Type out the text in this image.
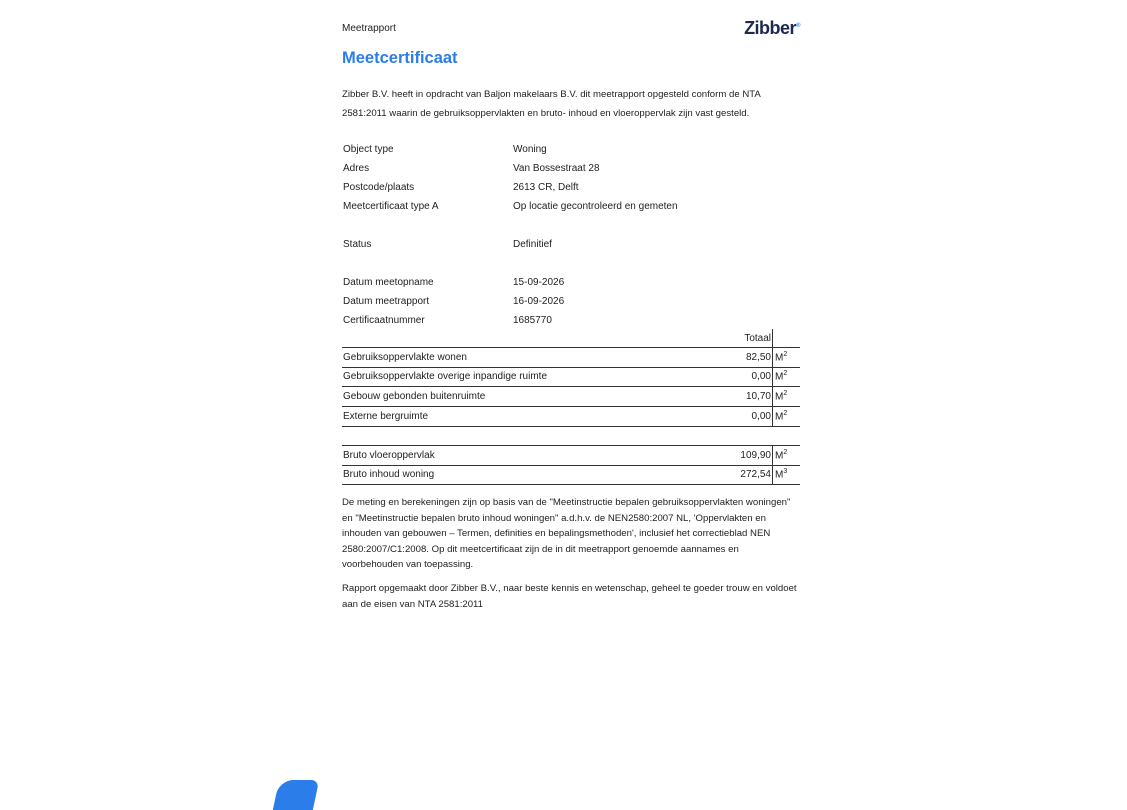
Meetrapport	Zibber®
Meetcertificaat
Zibber B.V. heeft in opdracht van Baljon makelaars B.V. dit meetrapport opgesteld conform de NTA 2581:2011 waarin de gebruiksoppervlakten en bruto- inhoud en vloeroppervlak zijn vast gesteld.
Object type	Woning
Adres	Van Bossestraat 28
Postcode/plaats	2613 CR, Delft
Meetcertificaat type A	Op locatie gecontroleerd en gemeten
Status	Definitief
Datum meetopname	15-09-2026
Datum meetrapport	16-09-2026
Certificaatnummer	1685770
Totaal
Gebruiksoppervlakte wonen	82,50 $M^2$
Gebruiksoppervlakte overige inpandige ruimte	0,00 $M^2$
Gebouw gebonden buitenruimte	10,70 $M^2$
Externe bergruimte	0,00 $M^2$
Bruto vloeroppervlak	109,90 $M^2$
Bruto inhoud woning	272,54 $M^3$
De meting en berekeningen zijn op basis van de "Meetinstructie bepalen gebruiksoppervlakten woningen" en "Meetinstructie bepalen bruto inhoud woningen" a.d.h.v. de NEN2580:2007 NL, 'Oppervlakten en inhouden van gebouwen – Termen, definities en bepalingsmethoden', inclusief het correctieblad NEN 2580:2007/C1:2008. Op dit meetcertificaat zijn de in dit meetrapport genoemde aannames en voorbehouden van toepassing.
Rapport opgemaakt door Zibber B.V., naar beste kennis en wetenschap, geheel te goeder trouw en voldoet aan de eisen van NTA 2581:2011
